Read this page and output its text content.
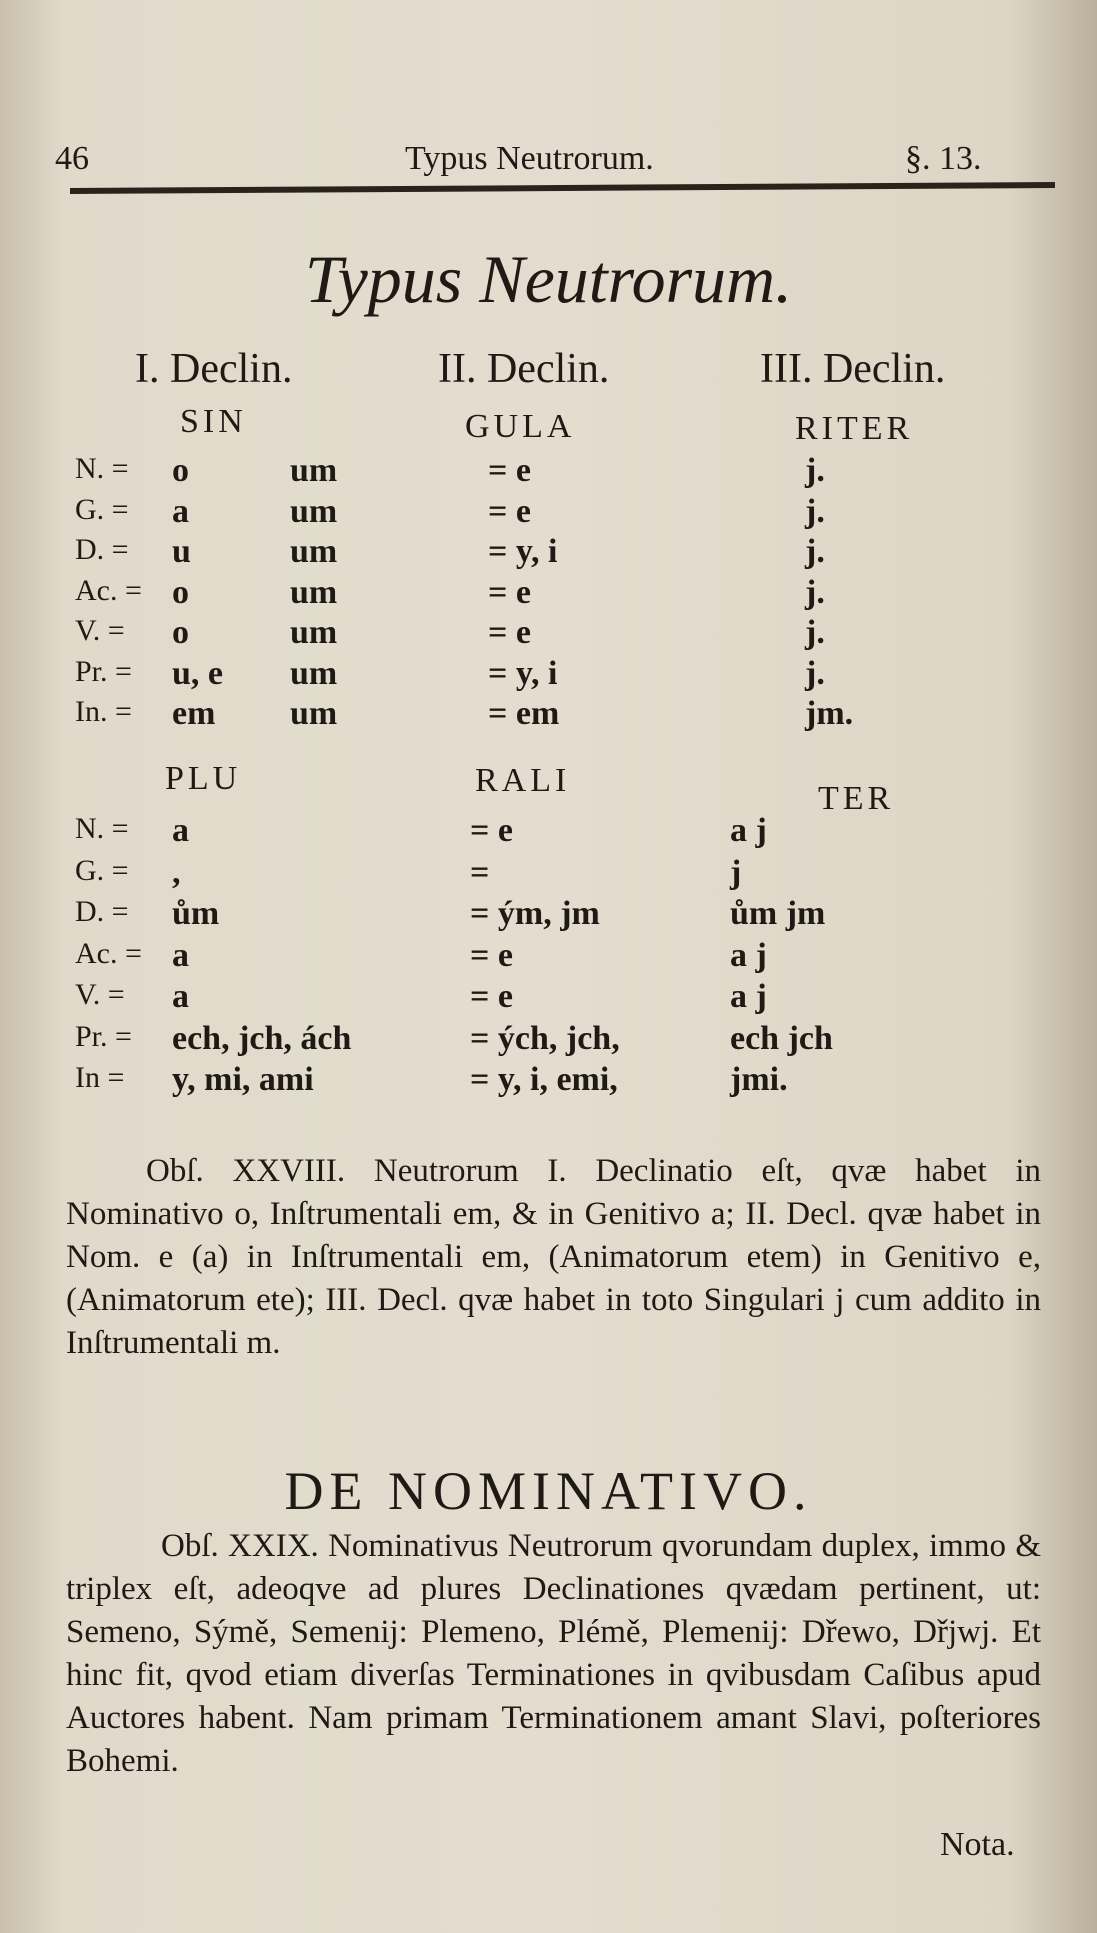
46	Typus Neutrorum.	§. 13.
Typus Neutrorum.
I. Declin.	II. Declin.	III. Declin.
SIN	GULA	RITER
N. = o	um	= e	j.
G. = a	um	= e	j.
D. = u	um	= y, i	j.
Ac. = o	um	= e	j.
V. = o	um	= e	j.
Pr. = u, e um	= y, i	j.
In. = em um	= em	jm.
PLU	RALI	TER
N. = a	= e	a j
G. = ,	=	j
D. = ům	= ým, jm	ům jm
Ac. = a	= e	a j
V. = a	= e	a j
Pr. = ech, jch, ách	= ých, jch,	ech jch
In = y, mi, ami	= y, i, emi,	jmi.
Obſ. XXVIII. Neutrorum I. Declinatio eſt, qvæ habet in Nominativo o, Inſtrumentali em, & in Genitivo a; II. Decl. qvæ habet in Nom. e (a) in Inſtrumentali em, (Animatorum etem) in Genitivo e, (Animatorum ete); III. Decl. qvæ habet in toto Singulari j cum addito in Inſtrumentali m.
DE NOMINATIVO.
Obſ. XXIX. Nominativus Neutrorum qvorundam duplex, immo & triplex eſt, adeoqve ad plures Declinationes qvædam pertinent, ut: Semeno, Sýmě, Semenij: Plemeno, Plémě, Plemenij: Dřewo, Dřjwj. Et hinc fit, qvod etiam diverſas Terminationes in qvibusdam Caſibus apud Auctores habent. Nam primam Terminationem amant Slavi, poſteriores Bohemi.
Nota.
